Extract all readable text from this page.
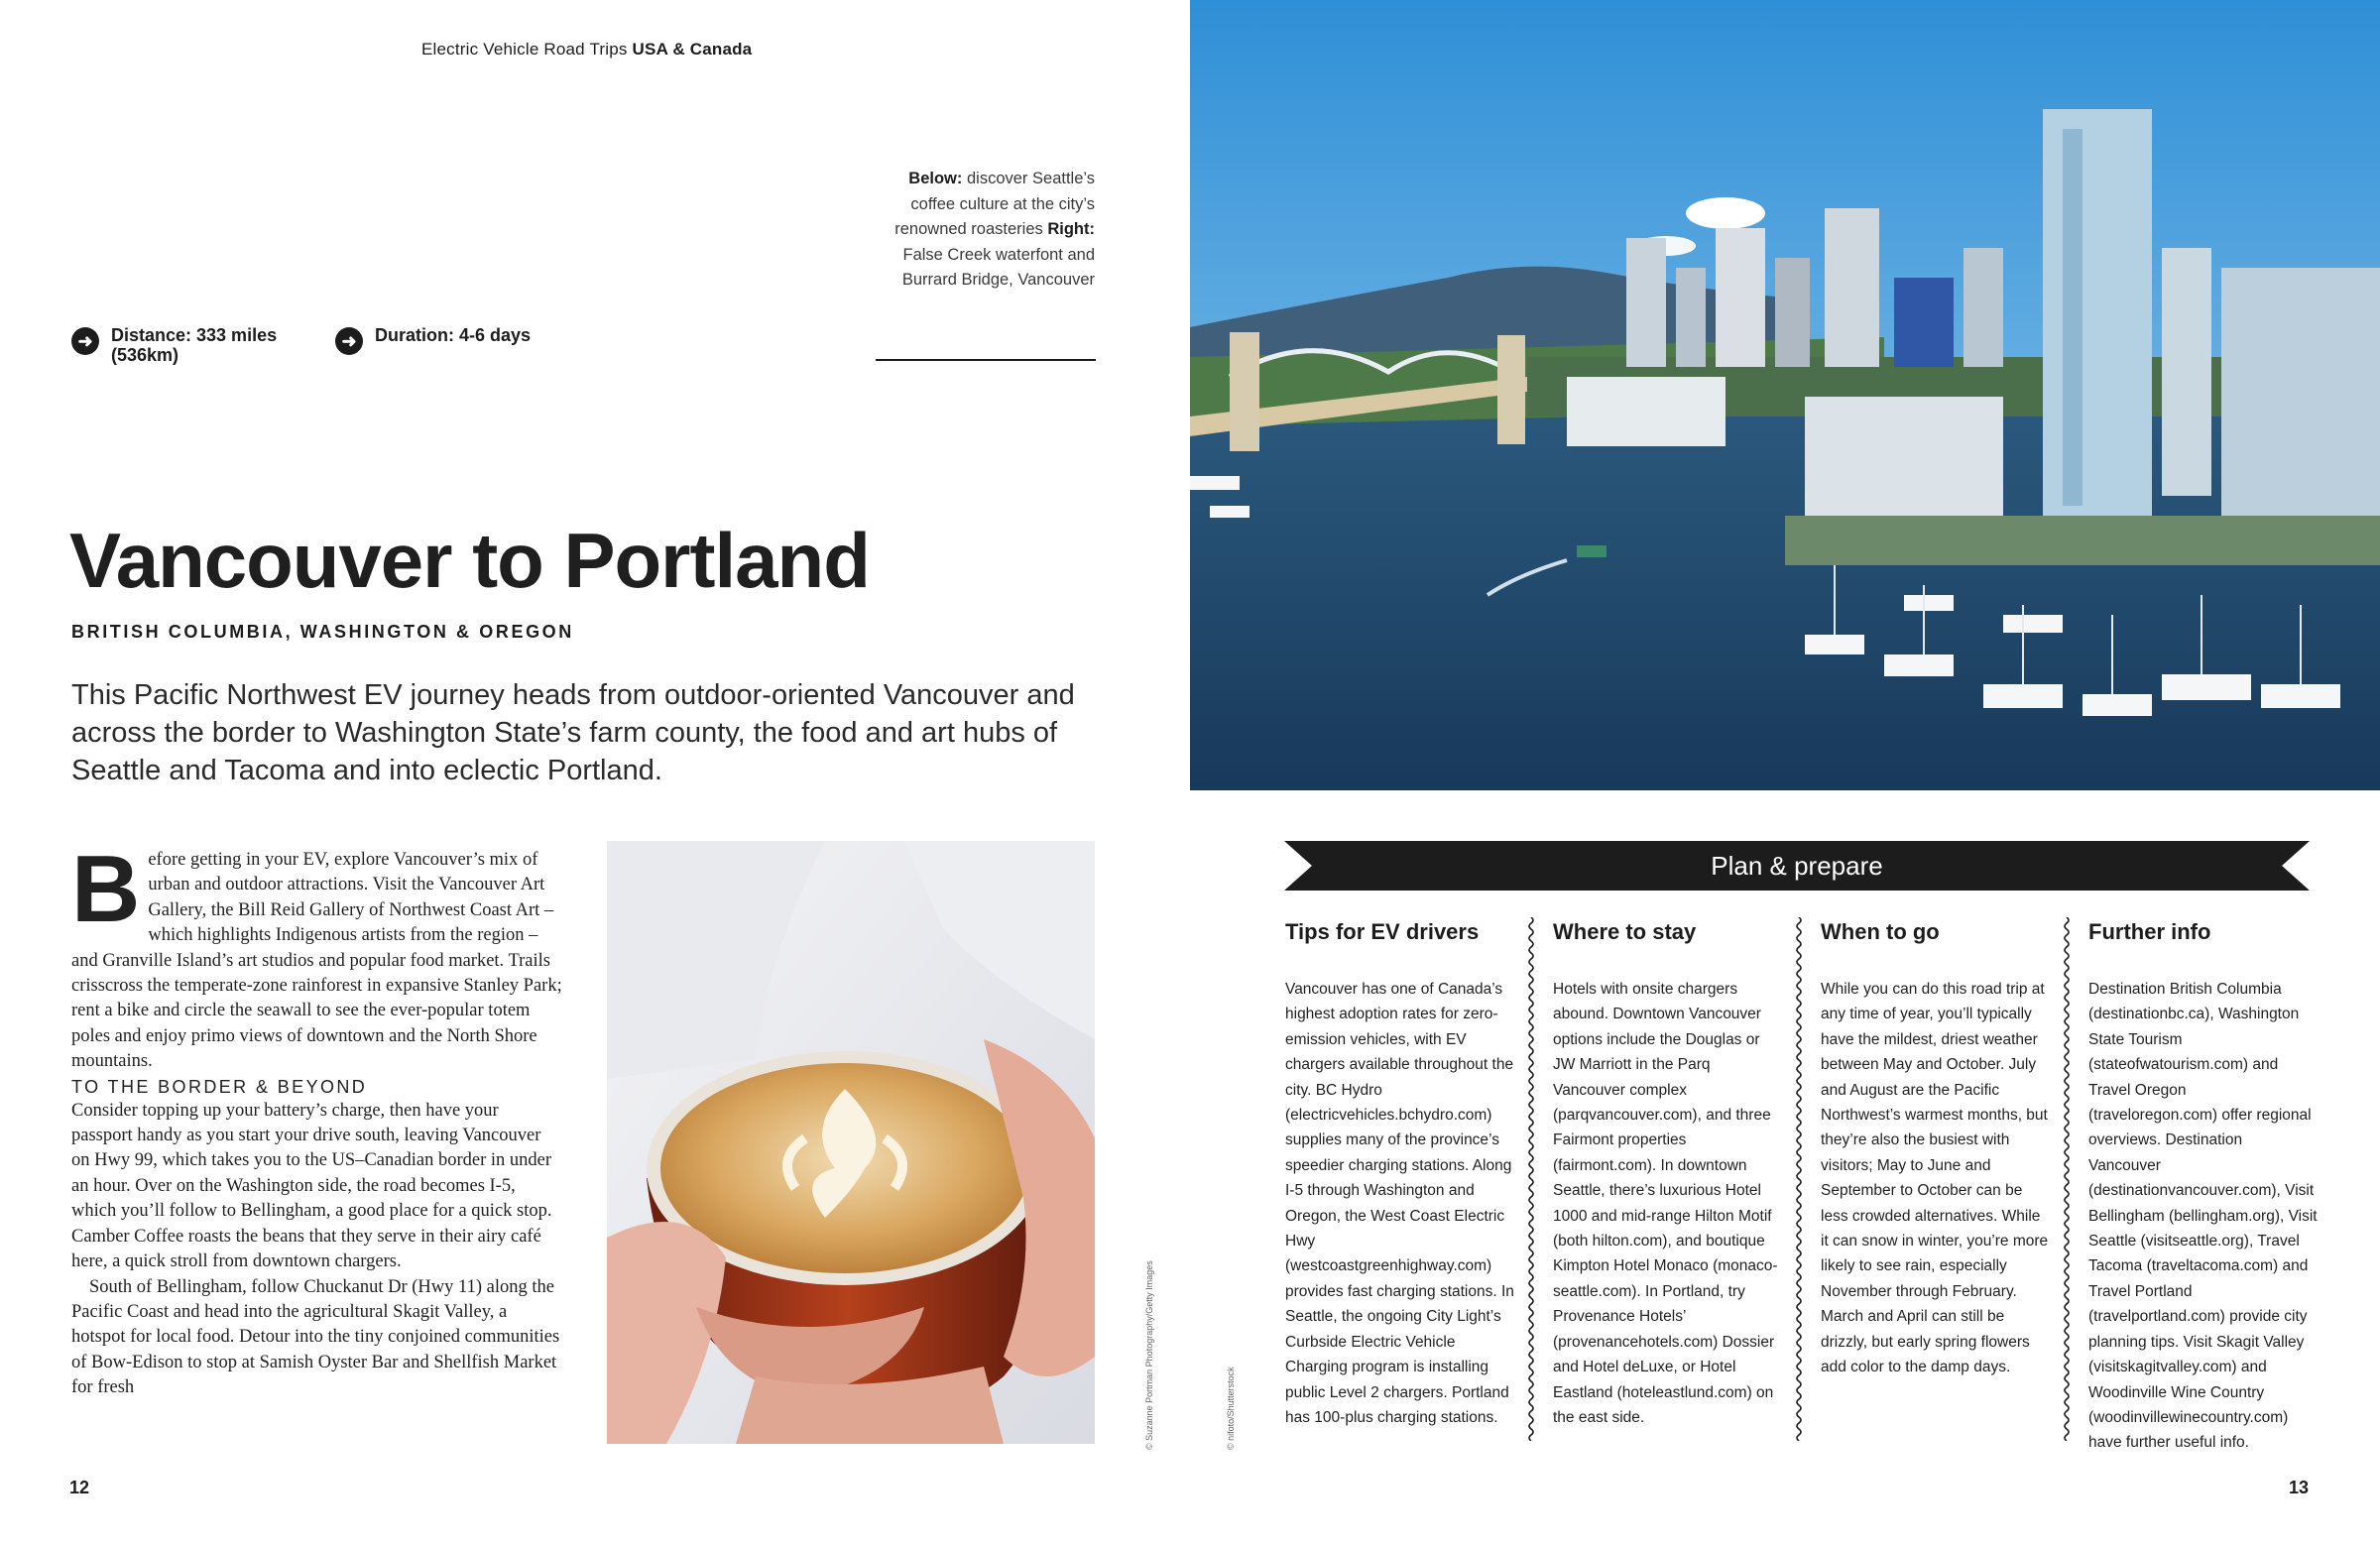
Electric Vehicle Road Trips USA & Canada
➜	Distance: 333 miles (536km)
➜	Duration: 4-6 days
Below: discover Seattle’s coffee culture at the city’s renowned roasteries Right: False Creek waterfont and Burrard Bridge, Vancouver
Vancouver to Portland
BRITISH COLUMBIA, WASHINGTON & OREGON
This Pacific Northwest EV journey heads from outdoor-oriented Vancouver and across the border to Washington State’s farm county, the food and art hubs of Seattle and Tacoma and into eclectic Portland.

Before getting in your EV, explore Vancouver’s mix of urban and outdoor attractions. Visit the Vancouver Art Gallery, the Bill Reid Gallery of Northwest Coast Art – which highlights Indigenous artists from the region – and Granville Island’s art studios and popular food market. Trails crisscross the temperate-zone rainforest in expansive Stanley Park; rent a bike and circle the seawall to see the ever-popular totem poles and enjoy primo views of downtown and the North Shore mountains.

TO THE BORDER & BEYOND

Consider topping up your battery’s charge, then have your passport handy as you start your drive south, leaving Vancouver on Hwy 99, which takes you to the US–Canadian border in under an hour. Over on the Washington side, the road becomes I-5, which you’ll follow to Bellingham, a good place for a quick stop. Camber Coffee roasts the beans that they serve in their airy café here, a quick stroll from downtown chargers.

South of Bellingham, follow Chuckanut Dr (Hwy 11) along the Pacific Coast and head into the agricultural Skagit Valley, a hotspot for local food. Detour into the tiny conjoined communities of Bow-Edison to stop at Samish Oyster Bar and Shellfish Market for fresh	© Suzanne Portman Photography/Getty Images	© nifoto/Shutterstock
Plan & prepare
Tips for EV drivers

Vancouver has one of Canada’s highest adoption rates for zero-emission vehicles, with EV chargers available throughout the city. BC Hydro (electricvehicles.bchydro.com) supplies many of the province’s speedier charging stations. Along I-5 through Washington and Oregon, the West Coast Electric Hwy (westcoastgreenhighway.com) provides fast charging stations. In Seattle, the ongoing City Light’s Curbside Electric Vehicle Charging program is installing public Level 2 chargers. Portland has 100-plus charging stations.

Where to stay

Hotels with onsite chargers abound. Downtown Vancouver options include the Douglas or JW Marriott in the Parq Vancouver complex (parqvancouver.com), and three Fairmont properties (fairmont.com). In downtown Seattle, there’s luxurious Hotel 1000 and mid-range Hilton Motif (both hilton.com), and boutique Kimpton Hotel Monaco (monaco-seattle.com). In Portland, try Provenance Hotels’ (provenancehotels.com) Dossier and Hotel deLuxe, or Hotel Eastland (hoteleastlund.com) on the east side.

When to go

While you can do this road trip at any time of year, you’ll typically have the mildest, driest weather between May and October. July and August are the Pacific Northwest’s warmest months, but they’re also the busiest with visitors; May to June and September to October can be less crowded alternatives. While it can snow in winter, you’re more likely to see rain, especially November through February. March and April can still be drizzly, but early spring flowers add color to the damp days.

Further info

Destination British Columbia (destinationbc.ca), Washington State Tourism (stateofwatourism.com) and Travel Oregon (traveloregon.com) offer regional overviews. Destination Vancouver (destinationvancouver.com), Visit Bellingham (bellingham.org), Visit Seattle (visitseattle.org), Travel Tacoma (traveltacoma.com) and Travel Portland (travelportland.com) provide city planning tips. Visit Skagit Valley (visitskagitvalley.com) and Woodinville Wine Country (woodinvillewinecountry.com) have further useful info.

12	13
